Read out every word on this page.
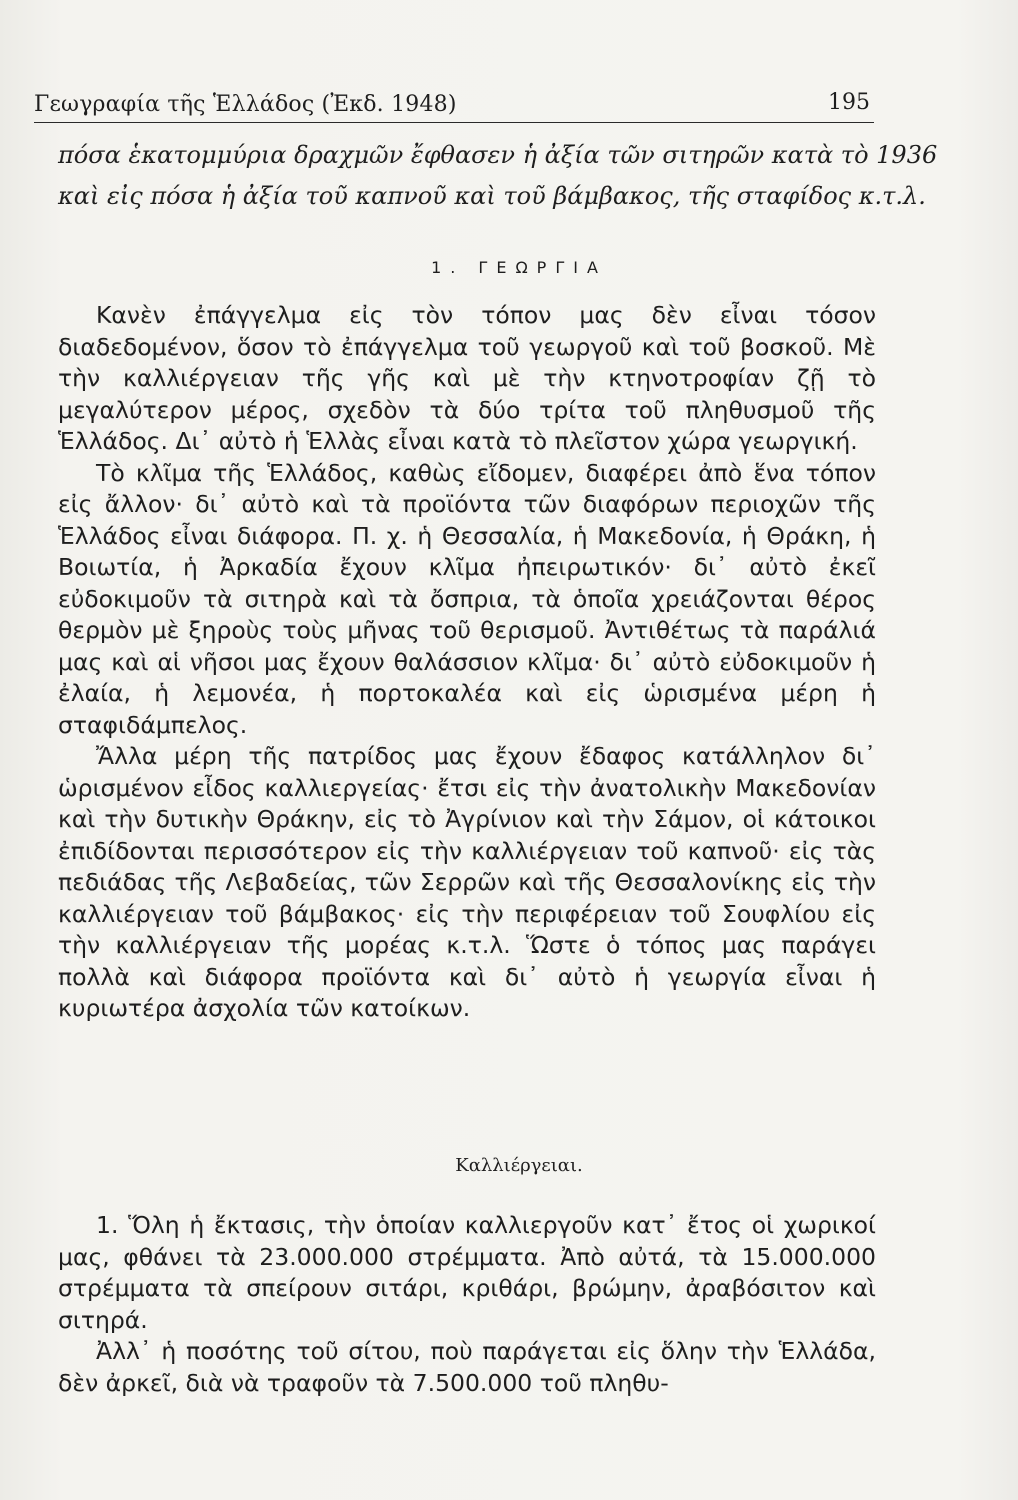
Γεωγραφία τῆς Ἑλλάδος (Ἐκδ. 1948)	195
πόσα ἑκατομμύρια δραχμῶν ἔφθασεν ἡ ἀξία τῶν σιτηρῶν κατὰ τὸ 1936
καὶ εἰς πόσα ἡ ἀξία τοῦ καπνοῦ καὶ τοῦ βάμβακος, τῆς σταφίδος κ.τ.λ.
1. ΓΕΩΡΓΙΑ

Κανὲν ἐπάγγελμα εἰς τὸν τόπον μας δὲν εἶναι τόσον διαδεδομένον, ὅσον τὸ ἐπάγγελμα τοῦ γεωργοῦ καὶ τοῦ βοσκοῦ. Μὲ τὴν καλλιέργειαν τῆς γῆς καὶ μὲ τὴν κτηνοτροφίαν ζῇ τὸ μεγαλύτερον μέρος, σχεδὸν τὰ δύο τρίτα τοῦ πληθυσμοῦ τῆς Ἑλλάδος. Δι᾽ αὐτὸ ἡ Ἑλλὰς εἶναι κατὰ τὸ πλεῖστον χώρα γεωργική.

Τὸ κλῖμα τῆς Ἑλλάδος, καθὼς εἴδομεν, διαφέρει ἀπὸ ἕνα τόπον εἰς ἄλλον· δι᾽ αὐτὸ καὶ τὰ προϊόντα τῶν διαφόρων περιοχῶν τῆς Ἑλλάδος εἶναι διάφορα. Π. χ. ἡ Θεσσαλία, ἡ Μακεδονία, ἡ Θράκη, ἡ Βοιωτία, ἡ Ἀρκαδία ἔχουν κλῖμα ἠπειρωτικόν· δι᾽ αὐτὸ ἐκεῖ εὐδοκιμοῦν τὰ σιτηρὰ καὶ τὰ ὄσπρια, τὰ ὁποῖα χρειάζονται θέρος θερμὸν μὲ ξηροὺς τοὺς μῆνας τοῦ θερισμοῦ. Ἀντιθέτως τὰ παράλιά μας καὶ αἱ νῆσοι μας ἔχουν θαλάσσιον κλῖμα· δι᾽ αὐτὸ εὐδοκιμοῦν ἡ ἐλαία, ἡ λεμονέα, ἡ πορτοκαλέα καὶ εἰς ὡρισμένα μέρη ἡ σταφιδάμπελος.

Ἄλλα μέρη τῆς πατρίδος μας ἔχουν ἔδαφος κατάλληλον δι᾽ ὡρισμένον εἶδος καλλιεργείας· ἔτσι εἰς τὴν ἀνατολικὴν Μακεδονίαν καὶ τὴν δυτικὴν Θράκην, εἰς τὸ Ἀγρίνιον καὶ τὴν Σάμον, οἱ κάτοικοι ἐπιδίδονται περισσότερον εἰς τὴν καλλιέργειαν τοῦ καπνοῦ· εἰς τὰς πεδιάδας τῆς Λεβαδείας, τῶν Σερρῶν καὶ τῆς Θεσσαλονίκης εἰς τὴν καλλιέργειαν τοῦ βάμβακος· εἰς τὴν περιφέρειαν τοῦ Σουφλίου εἰς τὴν καλλιέργειαν τῆς μορέας κ.τ.λ. Ὥστε ὁ τόπος μας παράγει πολλὰ καὶ διάφορα προϊόντα καὶ δι᾽ αὐτὸ ἡ γεωργία εἶναι ἡ κυριωτέρα ἀσχολία τῶν κατοίκων.

Καλλιέργειαι.

1. Ὅλη ἡ ἔκτασις, τὴν ὁποίαν καλλιεργοῦν κατ᾽ ἔτος οἱ χωρικοί μας, φθάνει τὰ 23.000.000 στρέμματα. Ἀπὸ αὐτά, τὰ 15.000.000 στρέμματα τὰ σπείρουν σιτάρι, κριθάρι, βρώμην, ἀραβόσιτον καὶ σιτηρά.

Ἀλλ᾽ ἡ ποσότης τοῦ σίτου, ποὺ παράγεται εἰς ὅλην τὴν Ἑλλάδα, δὲν ἀρκεῖ, διὰ νὰ τραφοῦν τὰ 7.500.000 τοῦ πληθυ-
